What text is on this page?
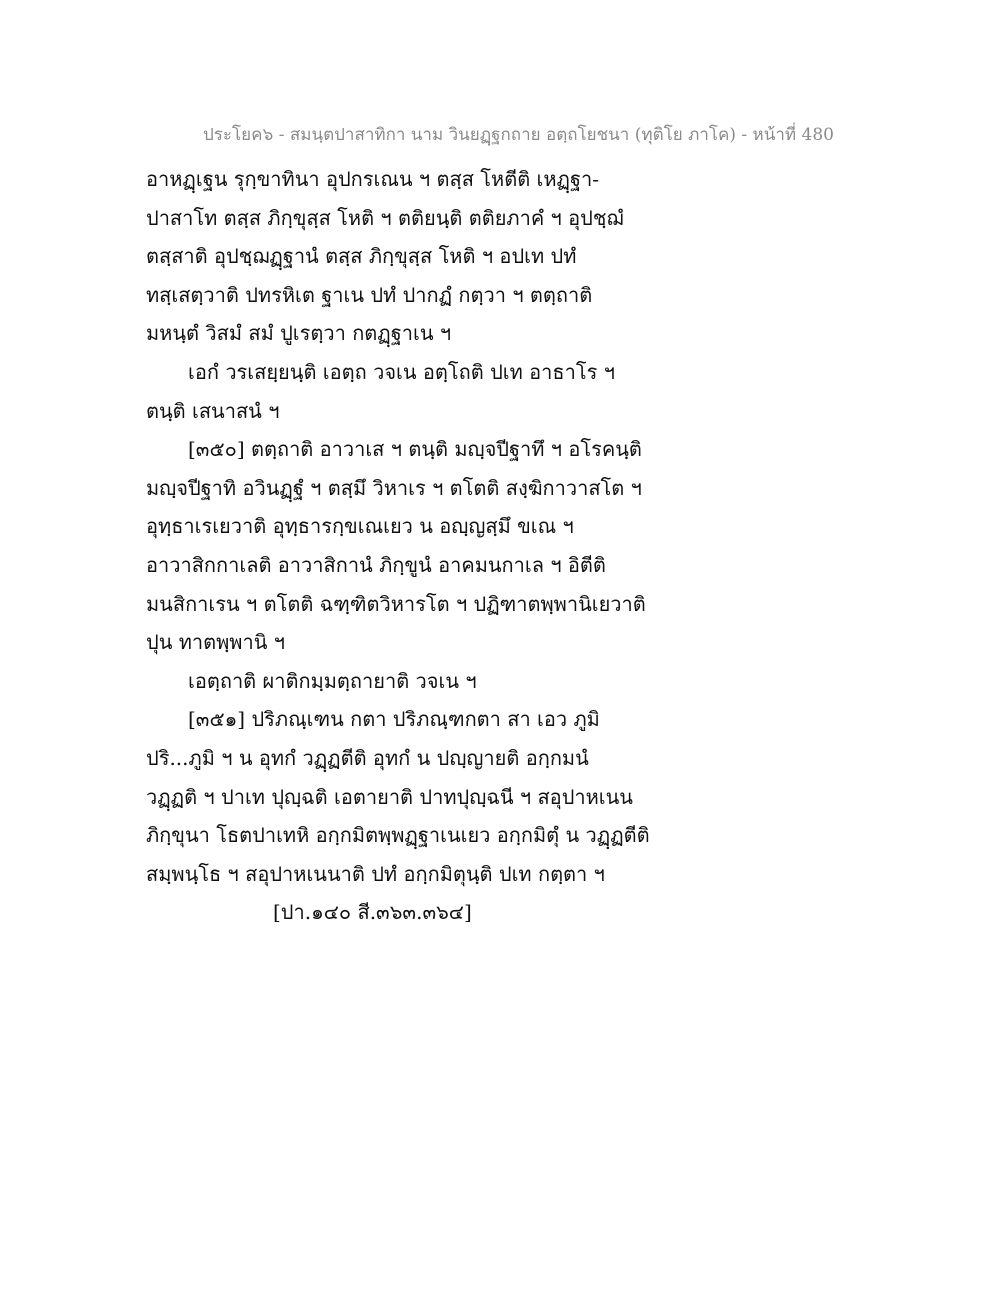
ประโยค๖ - สมนฺตปาสาทิกา นาม วินยฏฺฐกถาย อตฺถโยชนา (ทุติโย ภาโค) - หน้าที่ 480
อาหฏฺเฐน รุกฺขาทินา อุปกรเณน ฯ ตสฺส โหตีติ เหฏฺฐา-
ปาสาโท ตสฺส ภิกฺขุสฺส โหติ ฯ ตติยนฺติ ตติยภาคํ ฯ อุปชฺฌํ
ตสฺสาติ อุปชฺฌฏฺฐานํ ตสฺส ภิกฺขุสฺส โหติ ฯ อปเท ปทํ
ทสฺเสตฺวาติ ปทรหิเต ฐาเน ปทํ ปากฏํ กตฺวา ฯ ตตฺถาติ
มหนฺตํ วิสมํ สมํ ปูเรตฺวา กตฏฺฐาเน ฯ
เอกํ วรเสยฺยนฺติ เอตฺถ วจเน อตฺโถติ ปเท อาธาโร ฯ
ตนฺติ เสนาสนํ ฯ
[๓๕๐] ตตฺถาติ อาวาเส ฯ ตนฺติ มญฺจปีฐาทึ ฯ อโรคนฺติ
มญฺจปีฐาทิ อวินฏฺฐํ ฯ ตสฺมึ วิหาเร ฯ ตโตติ สงฺฆิกาวาสโต ฯ
อุทฺธาเรเยวาติ อุทฺธารกฺขเณเยว น อญฺญสฺมึ ขเณ ฯ
อาวาสิกกาเลติ อาวาสิกานํ ภิกฺขูนํ อาคมนกาเล ฯ อิตีติ
มนสิกาเรน ฯ ตโตติ ฉฑฺฑิตวิหารโต ฯ ปฏิฑาตพฺพานิเยวาติ
ปุน ทาตพฺพานิ ฯ
เอตฺถาติ ผาติกมฺมตฺถายาติ วจเน ฯ
[๓๕๑] ปริภณฺเฑน กตา ปริภณฺฑกตา สา เอว ภูมิ
ปริ...ภูมิ ฯ น อุทกํ วฏฺฏตีติ อุทกํ น ปญฺญายติ อกฺกมนํ
วฏฺฏติ ฯ ปาเท ปุญฺฉติ เอตายาติ ปาทปุญฺฉนี ฯ สอุปาหเนน
ภิกฺขุนา โธตปาเทหิ อกฺกมิตพฺพฏฺฐาเนเยว อกฺกมิตุํ น วฏฺฏตีติ
สมฺพนฺโธ ฯ สอุปาหเนนาติ ปทํ อกฺกมิตุนฺติ ปเท กตฺตา ฯ
[ปา.๑๔๐ สี.๓๖๓.๓๖๔]
